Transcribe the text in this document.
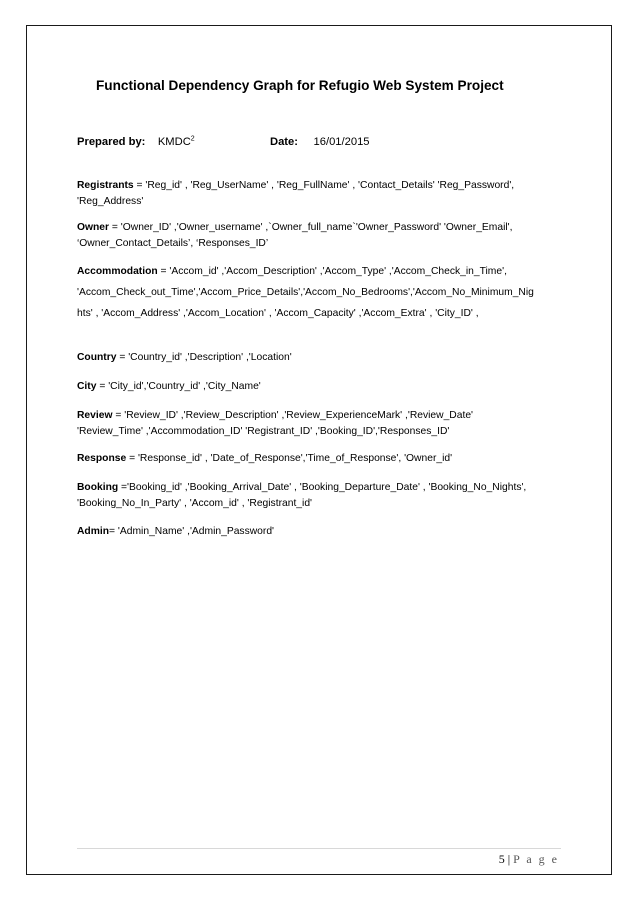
Functional Dependency Graph for Refugio Web System Project
Prepared by: KMDC$^2$	Date: 16/01/2015
Registrants = 'Reg_id' , 'Reg_UserName' , 'Reg_FullName' , 'Contact_Details' 'Reg_Password',
'Reg_Address'
Owner = 'Owner_ID' ,'Owner_username' ,`Owner_full_name`'Owner_Password' 'Owner_Email',
‘Owner_Contact_Details’, ‘Responses_ID’
Accommodation = 'Accom_id' ,'Accom_Description' ,'Accom_Type' ,'Accom_Check_in_Time',
'Accom_Check_out_Time','Accom_Price_Details','Accom_No_Bedrooms','Accom_No_Minimum_Nig
hts' , 'Accom_Address' ,'Accom_Location' , 'Accom_Capacity' ,'Accom_Extra' , 'City_ID' ,
Country = 'Country_id' ,'Description' ,'Location'
City = 'City_id','Country_id' ,'City_Name'
Review = 'Review_ID' ,'Review_Description' ,'Review_ExperienceMark' ,'Review_Date'
'Review_Time' ,'Accommodation_ID' 'Registrant_ID' ,'Booking_ID','Responses_ID'
Response = 'Response_id' , 'Date_of_Response','Time_of_Response', 'Owner_id'
Booking ='Booking_id' ,'Booking_Arrival_Date' , 'Booking_Departure_Date' , 'Booking_No_Nights',
'Booking_No_In_Party' , 'Accom_id' , 'Registrant_id'
Admin= 'Admin_Name' ,'Admin_Password'
5 | P a g e
